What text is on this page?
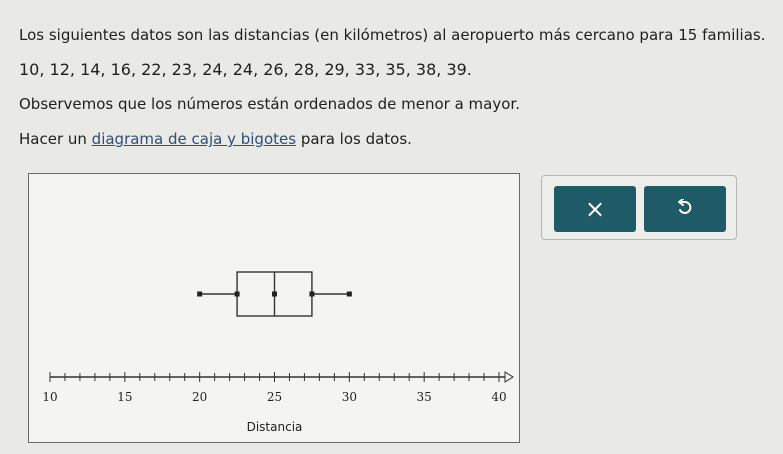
Los siguientes datos son las distancias (en kilómetros) al aeropuerto más cercano para 15 familias.

10, 12, 14, 16, 22, 23, 24, 24, 26, 28, 29, 33, 35, 38, 39.

Observemos que los números están ordenados de menor a mayor.

Hacer un diagrama de caja y bigotes para los datos.

10	15	20	25	30	35	40
Distancia
×
